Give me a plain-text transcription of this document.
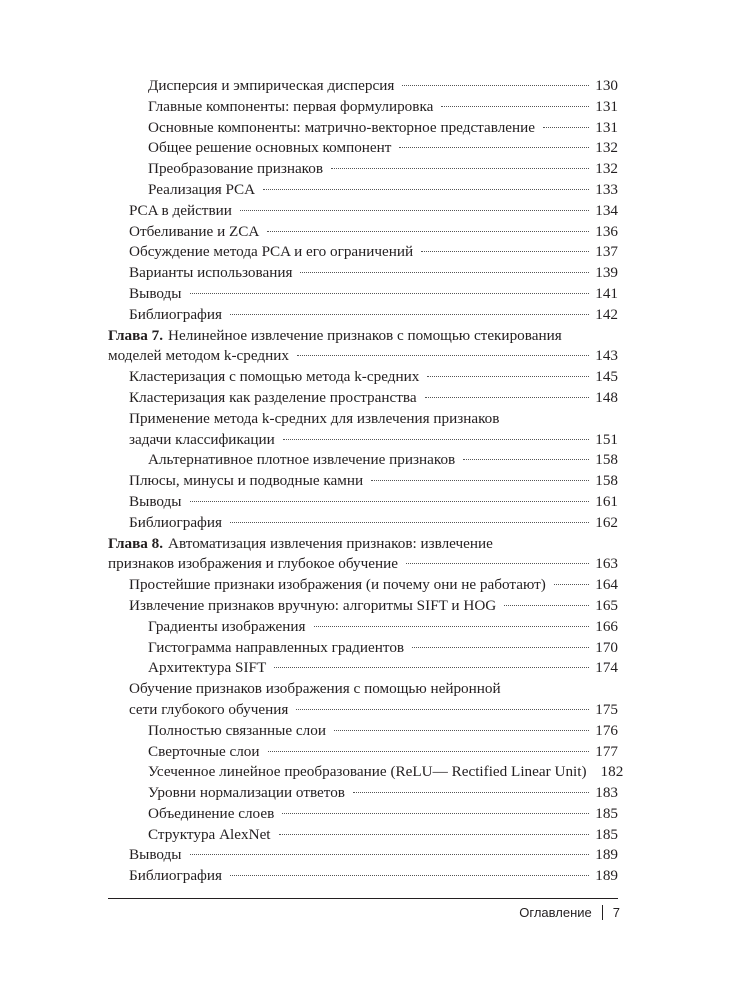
Дисперсия и эмпирическая дисперсия	130
Главные компоненты: первая формулировка	131
Основные компоненты: матрично-векторное представление	131
Общее решение основных компонент	132
Преобразование признаков	132
Реализация PCA	133
PCA в действии	134
Отбеливание и ZCA	136
Обсуждение метода PCA и его ограничений	137
Варианты использования	139
Выводы	141
Библиография	142
Глава 7. Нелинейное извлечение признаков с помощью стекирования
моделей методом k-средних	143
Кластеризация с помощью метода k-средних	145
Кластеризация как разделение пространства	148
Применение метода k-средних для извлечения признаков
задачи классификации	151
Альтернативное плотное извлечение признаков	158
Плюсы, минусы и подводные камни	158
Выводы	161
Библиография	162
Глава 8. Автоматизация извлечения признаков: извлечение
признаков изображения и глубокое обучение	163
Простейшие признаки изображения (и почему они не работают)	164
Извлечение признаков вручную: алгоритмы SIFT и HOG	165
Градиенты изображения	166
Гистограмма направленных градиентов	170
Архитектура SIFT	174
Обучение признаков изображения с помощью нейронной
сети глубокого обучения	175
Полностью связанные слои	176
Сверточные слои	177
Усеченное линейное преобразование (ReLU— Rectified Linear Unit) 182
Уровни нормализации ответов	183
Объединение слоев	185
Структура AlexNet	185
Выводы	189
Библиография	189
Оглавление 7
